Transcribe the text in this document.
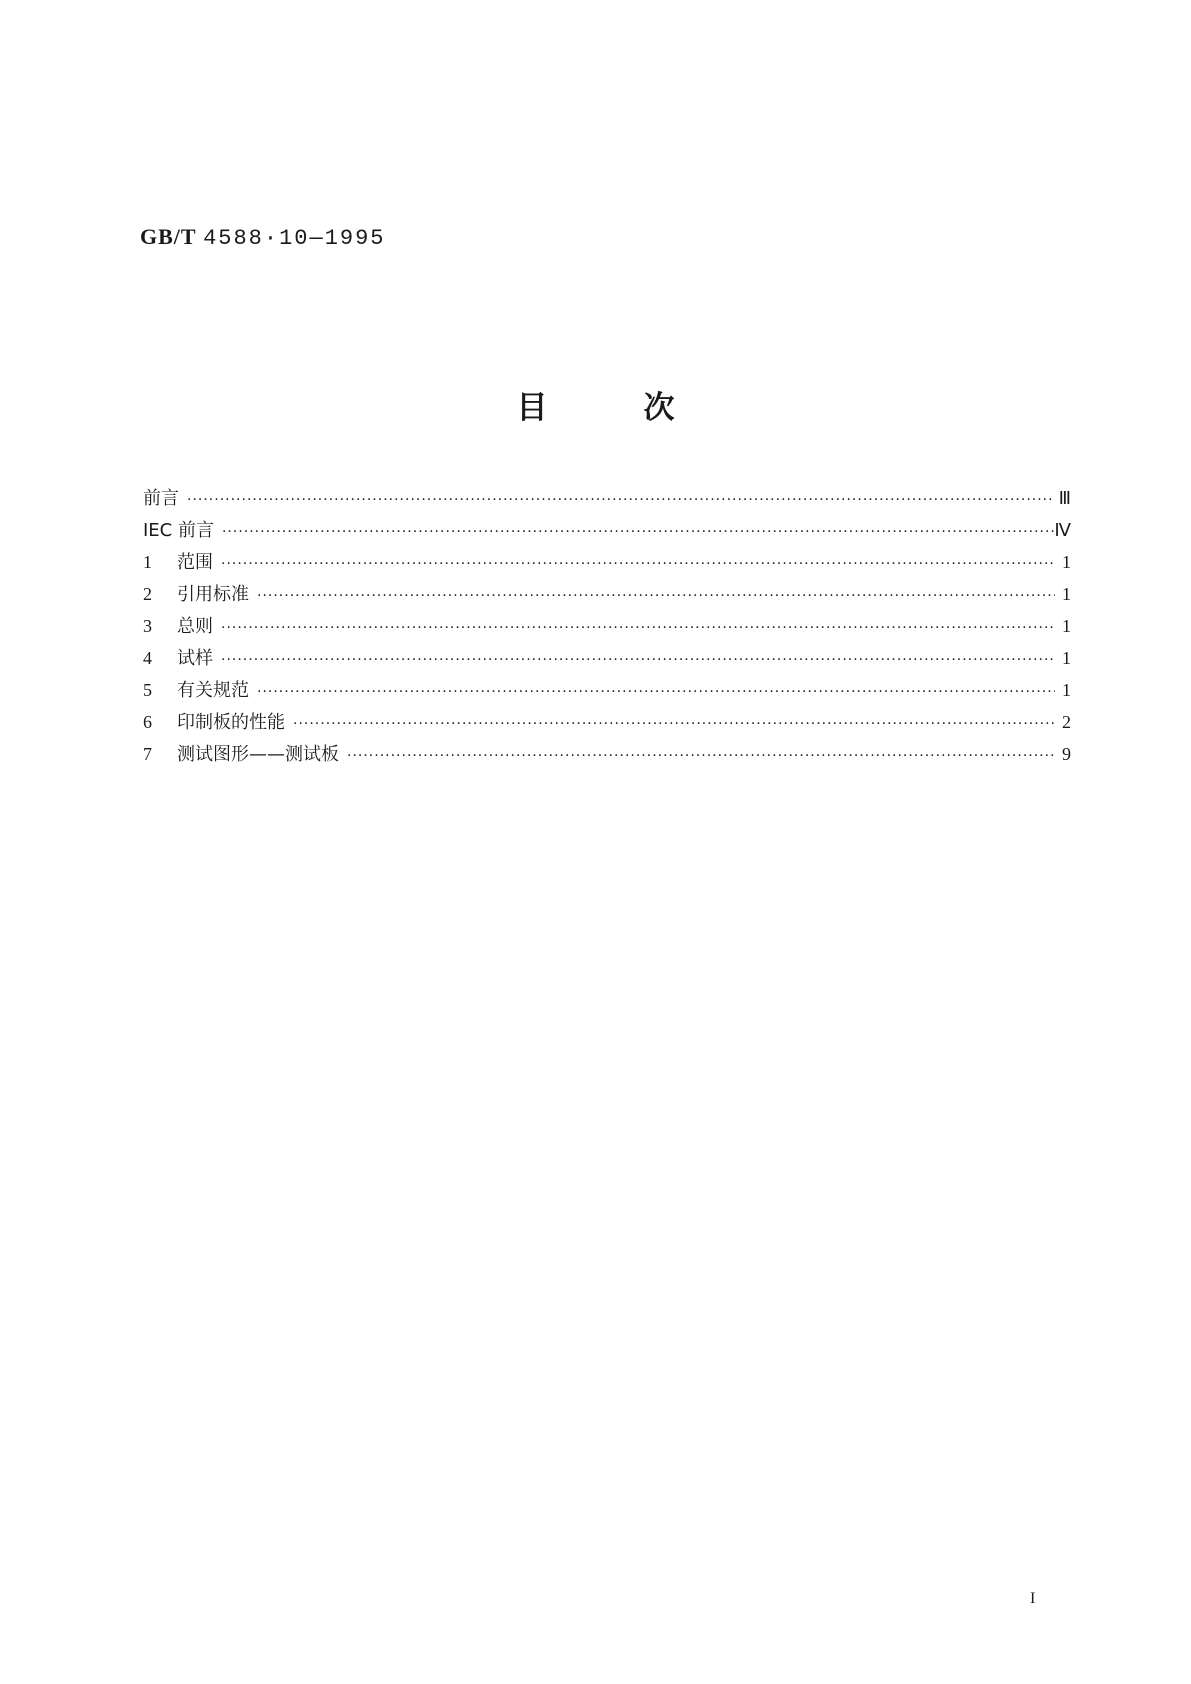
GB/T 4588·10—1995
目	次
前言 ·····	Ⅲ
IEC 前言 ·····	Ⅳ
1	范围 ·····	1
2	引用标准 ·····	1
3	总则 ·····	1
4	试样 ·····	1
5	有关规范 ·····	1
6	印制板的性能 ·····	2
7	测试图形——测试板 ·····	9
I
